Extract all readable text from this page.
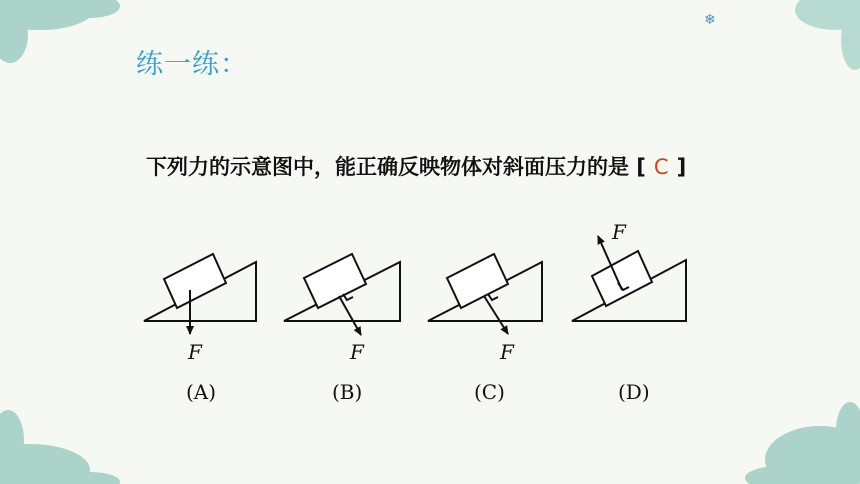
❄
练一练：
下列力的示意图中，能正确反映物体对斜面压力的是 [ C ]
F	F	F
F
(A)	(B)	(C)	(D)
